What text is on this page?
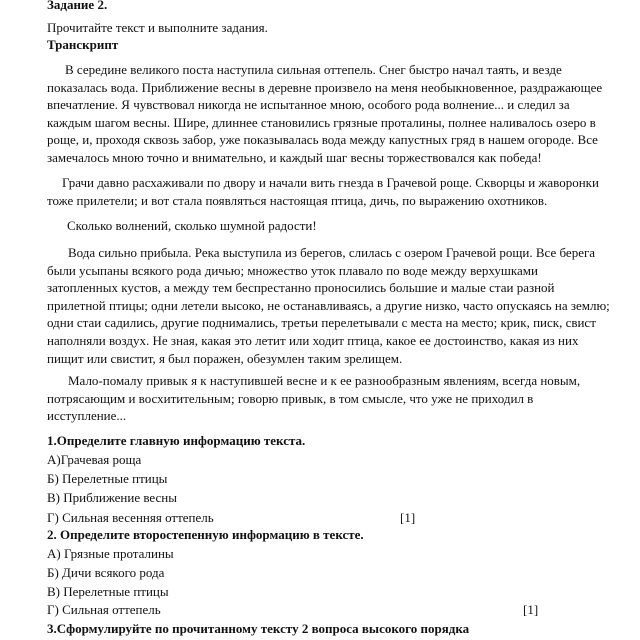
Задание 2.
Прочитайте текст и выполните задания.
Транскрипт
В середине великого поста наступила сильная оттепель. Снег быстро начал таять, и везде
показалась вода. Приближение весны в деревне произвело на меня необыкновенное, раздражающее
впечатление. Я чувствовал никогда не испытанное мною, особого рода волнение... и следил за
каждым шагом весны. Шире, длиннее становились грязные проталины, полнее наливалось озеро в
роще, и, проходя сквозь забор, уже показывалась вода между капустных гряд в нашем огороде. Все
замечалось мною точно и внимательно, и каждый шаг весны торжествовался как победа!
Грачи давно расхаживали по двору и начали вить гнезда в Грачевой роще. Скворцы и жаворонки
тоже прилетели; и вот стала появляться настоящая птица, дичь, по выражению охотников.
Сколько волнений, сколько шумной радости!
Вода сильно прибыла. Река выступила из берегов, слилась с озером Грачевой рощи. Все берега
были усыпаны всякого рода дичью; множество уток плавало по воде между верхушками
затопленных кустов, а между тем беспрестанно проносились большие и малые стаи разной
прилетной птицы; одни летели высоко, не останавливаясь, а другие низко, часто опускаясь на землю;
одни стаи садились, другие поднимались, третьи перелетывали с места на место; крик, писк, свист
наполняли воздух. Не зная, какая это летит или ходит птица, какое ее достоинство, какая из них
пищит или свистит, я был поражен, обезумлен таким зрелищем.
Мало-помалу привык я к наступившей весне и к ее разнообразным явлениям, всегда новым,
потрясающим и восхитительным; говорю привык, в том смысле, что уже не приходил в
исступление...
1.Определите главную информацию текста.
А)Грачевая роща
Б) Перелетные птицы
В) Приближение весны
Г) Сильная весенняя оттепель	[1]
2. Определите второстепенную информацию в тексте.
А) Грязные проталины
Б) Дичи всякого рода
В) Перелетные птицы
Г) Сильная оттепель	[1]
3.Сформулируйте по прочитанному тексту 2 вопроса высокого порядка
